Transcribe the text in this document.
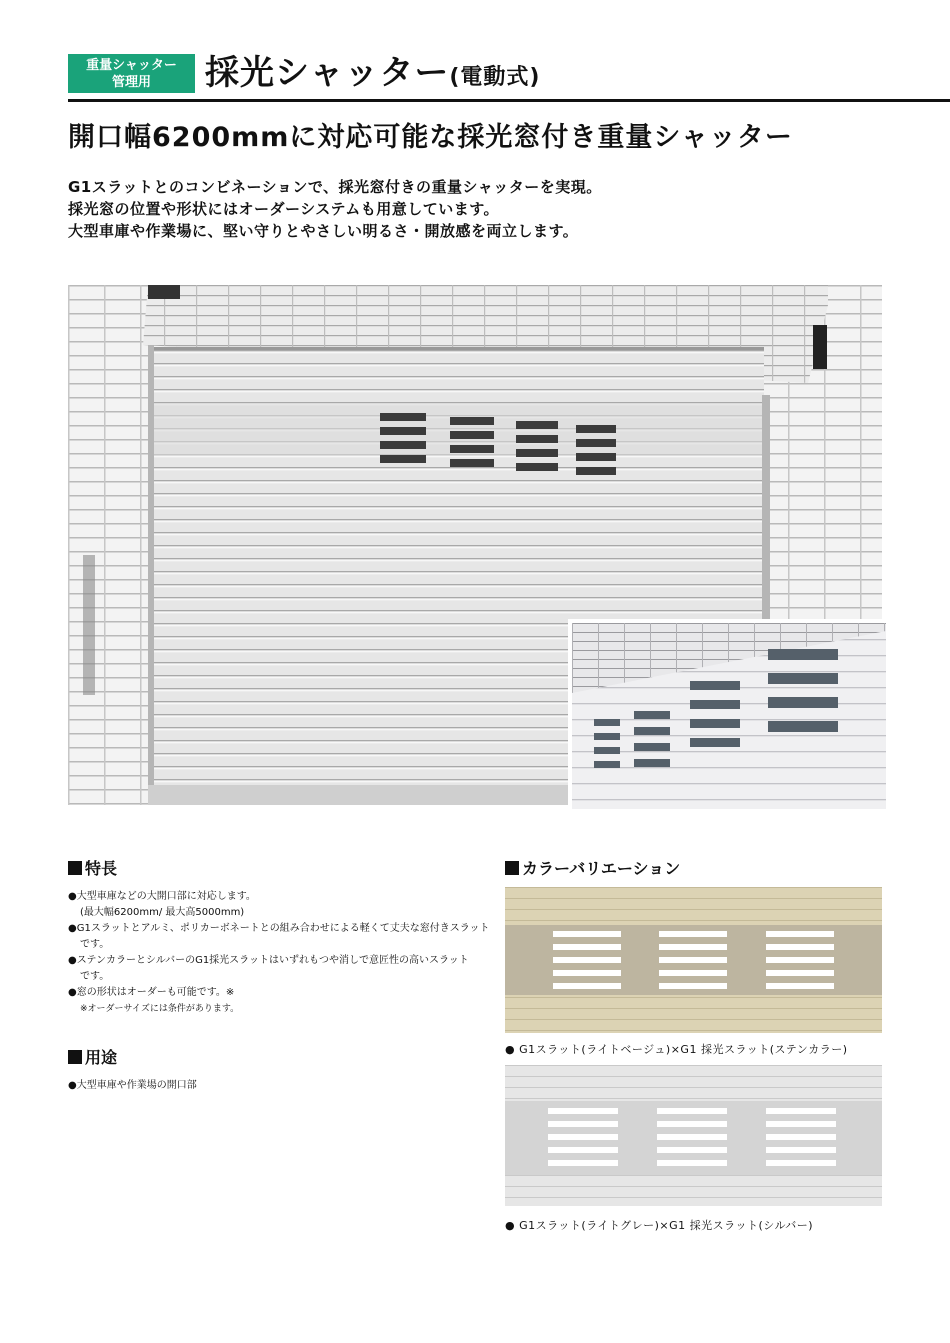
重量シャッター
管理用	採光シャッター(電動式)
開口幅6200mmに対応可能な採光窓付き重量シャッター
G1スラットとのコンビネーションで、採光窓付きの重量シャッターを実現。
採光窓の位置や形状にはオーダーシステムも用意しています。
大型車庫や作業場に、堅い守りとやさしい明るさ・開放感を両立します。
特長
●大型車庫などの大開口部に対応します。
(最大幅6200mm/ 最大高5000mm)
●G1スラットとアルミ、ポリカーボネートとの組み合わせによる軽くて丈夫な窓付きスラット
です。
●ステンカラーとシルバーのG1採光スラットはいずれもつや消しで意匠性の高いスラット
です。
●窓の形状はオーダーも可能です。※
※オーダーサイズには条件があります。
用途
●大型車庫や作業場の開口部
カラーバリエーション
● G1スラット(ライトベージュ)×G1 採光スラット(ステンカラー)
● G1スラット(ライトグレー)×G1 採光スラット(シルバー)
